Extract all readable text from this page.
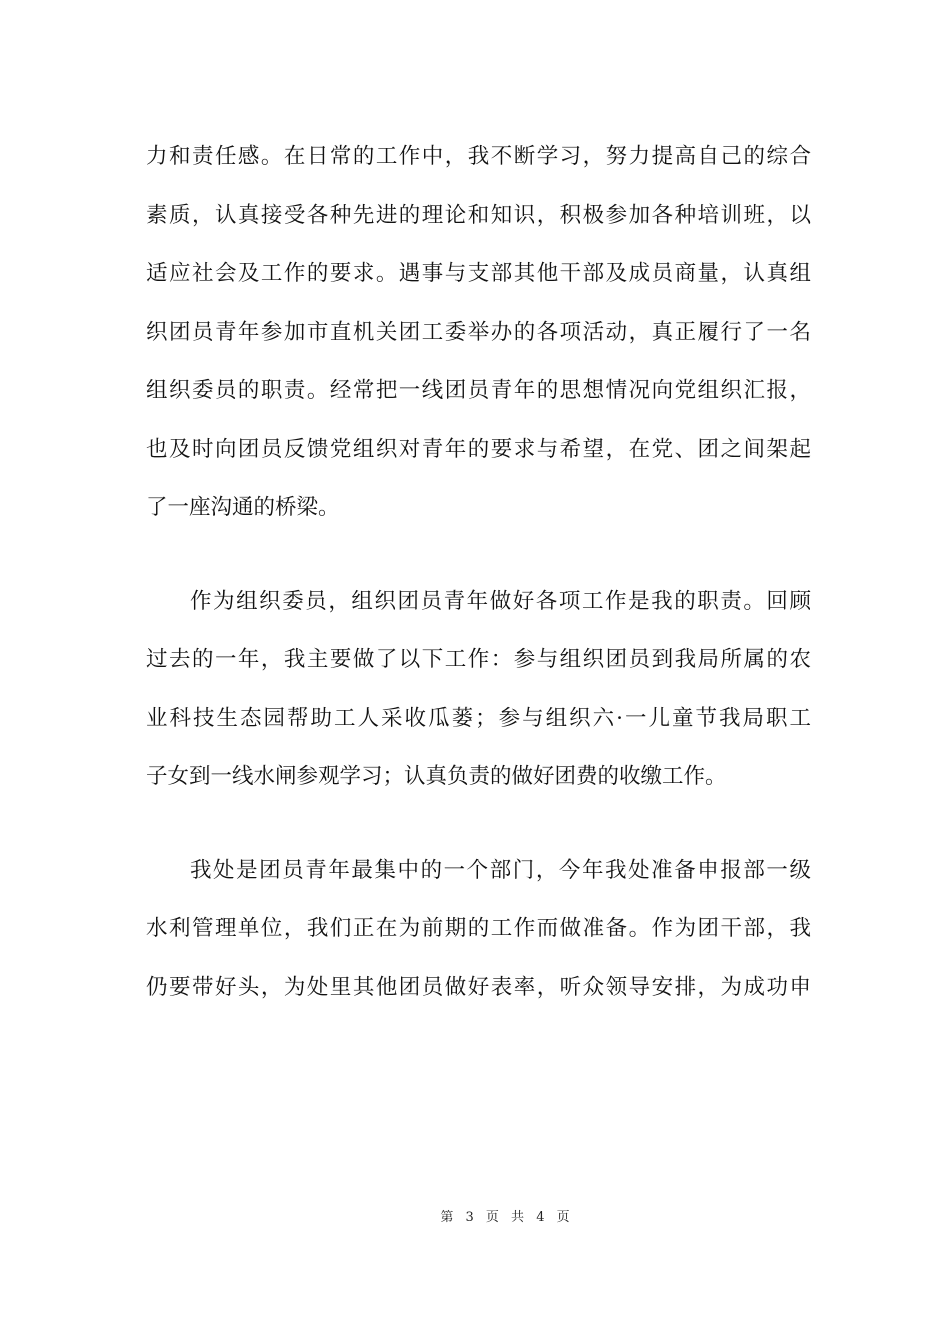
力和责任感。在日常的工作中，我不断学习，努力提高自己的综合
素质，认真接受各种先进的理论和知识，积极参加各种培训班，以
适应社会及工作的要求。遇事与支部其他干部及成员商量，认真组
织团员青年参加市直机关团工委举办的各项活动，真正履行了一名
组织委员的职责。经常把一线团员青年的思想情况向党组织汇报，
也及时向团员反馈党组织对青年的要求与希望，在党、团之间架起
了一座沟通的桥梁。
作为组织委员，组织团员青年做好各项工作是我的职责。回顾
过去的一年，我主要做了以下工作：参与组织团员到我局所属的农
业科技生态园帮助工人采收瓜蒌；参与组织六·一儿童节我局职工
子女到一线水闸参观学习；认真负责的做好团费的收缴工作。
我处是团员青年最集中的一个部门，今年我处准备申报部一级
水利管理单位，我们正在为前期的工作而做准备。作为团干部，我
仍要带好头，为处里其他团员做好表率，听众领导安排，为成功申
第 3 页 共 4 页
